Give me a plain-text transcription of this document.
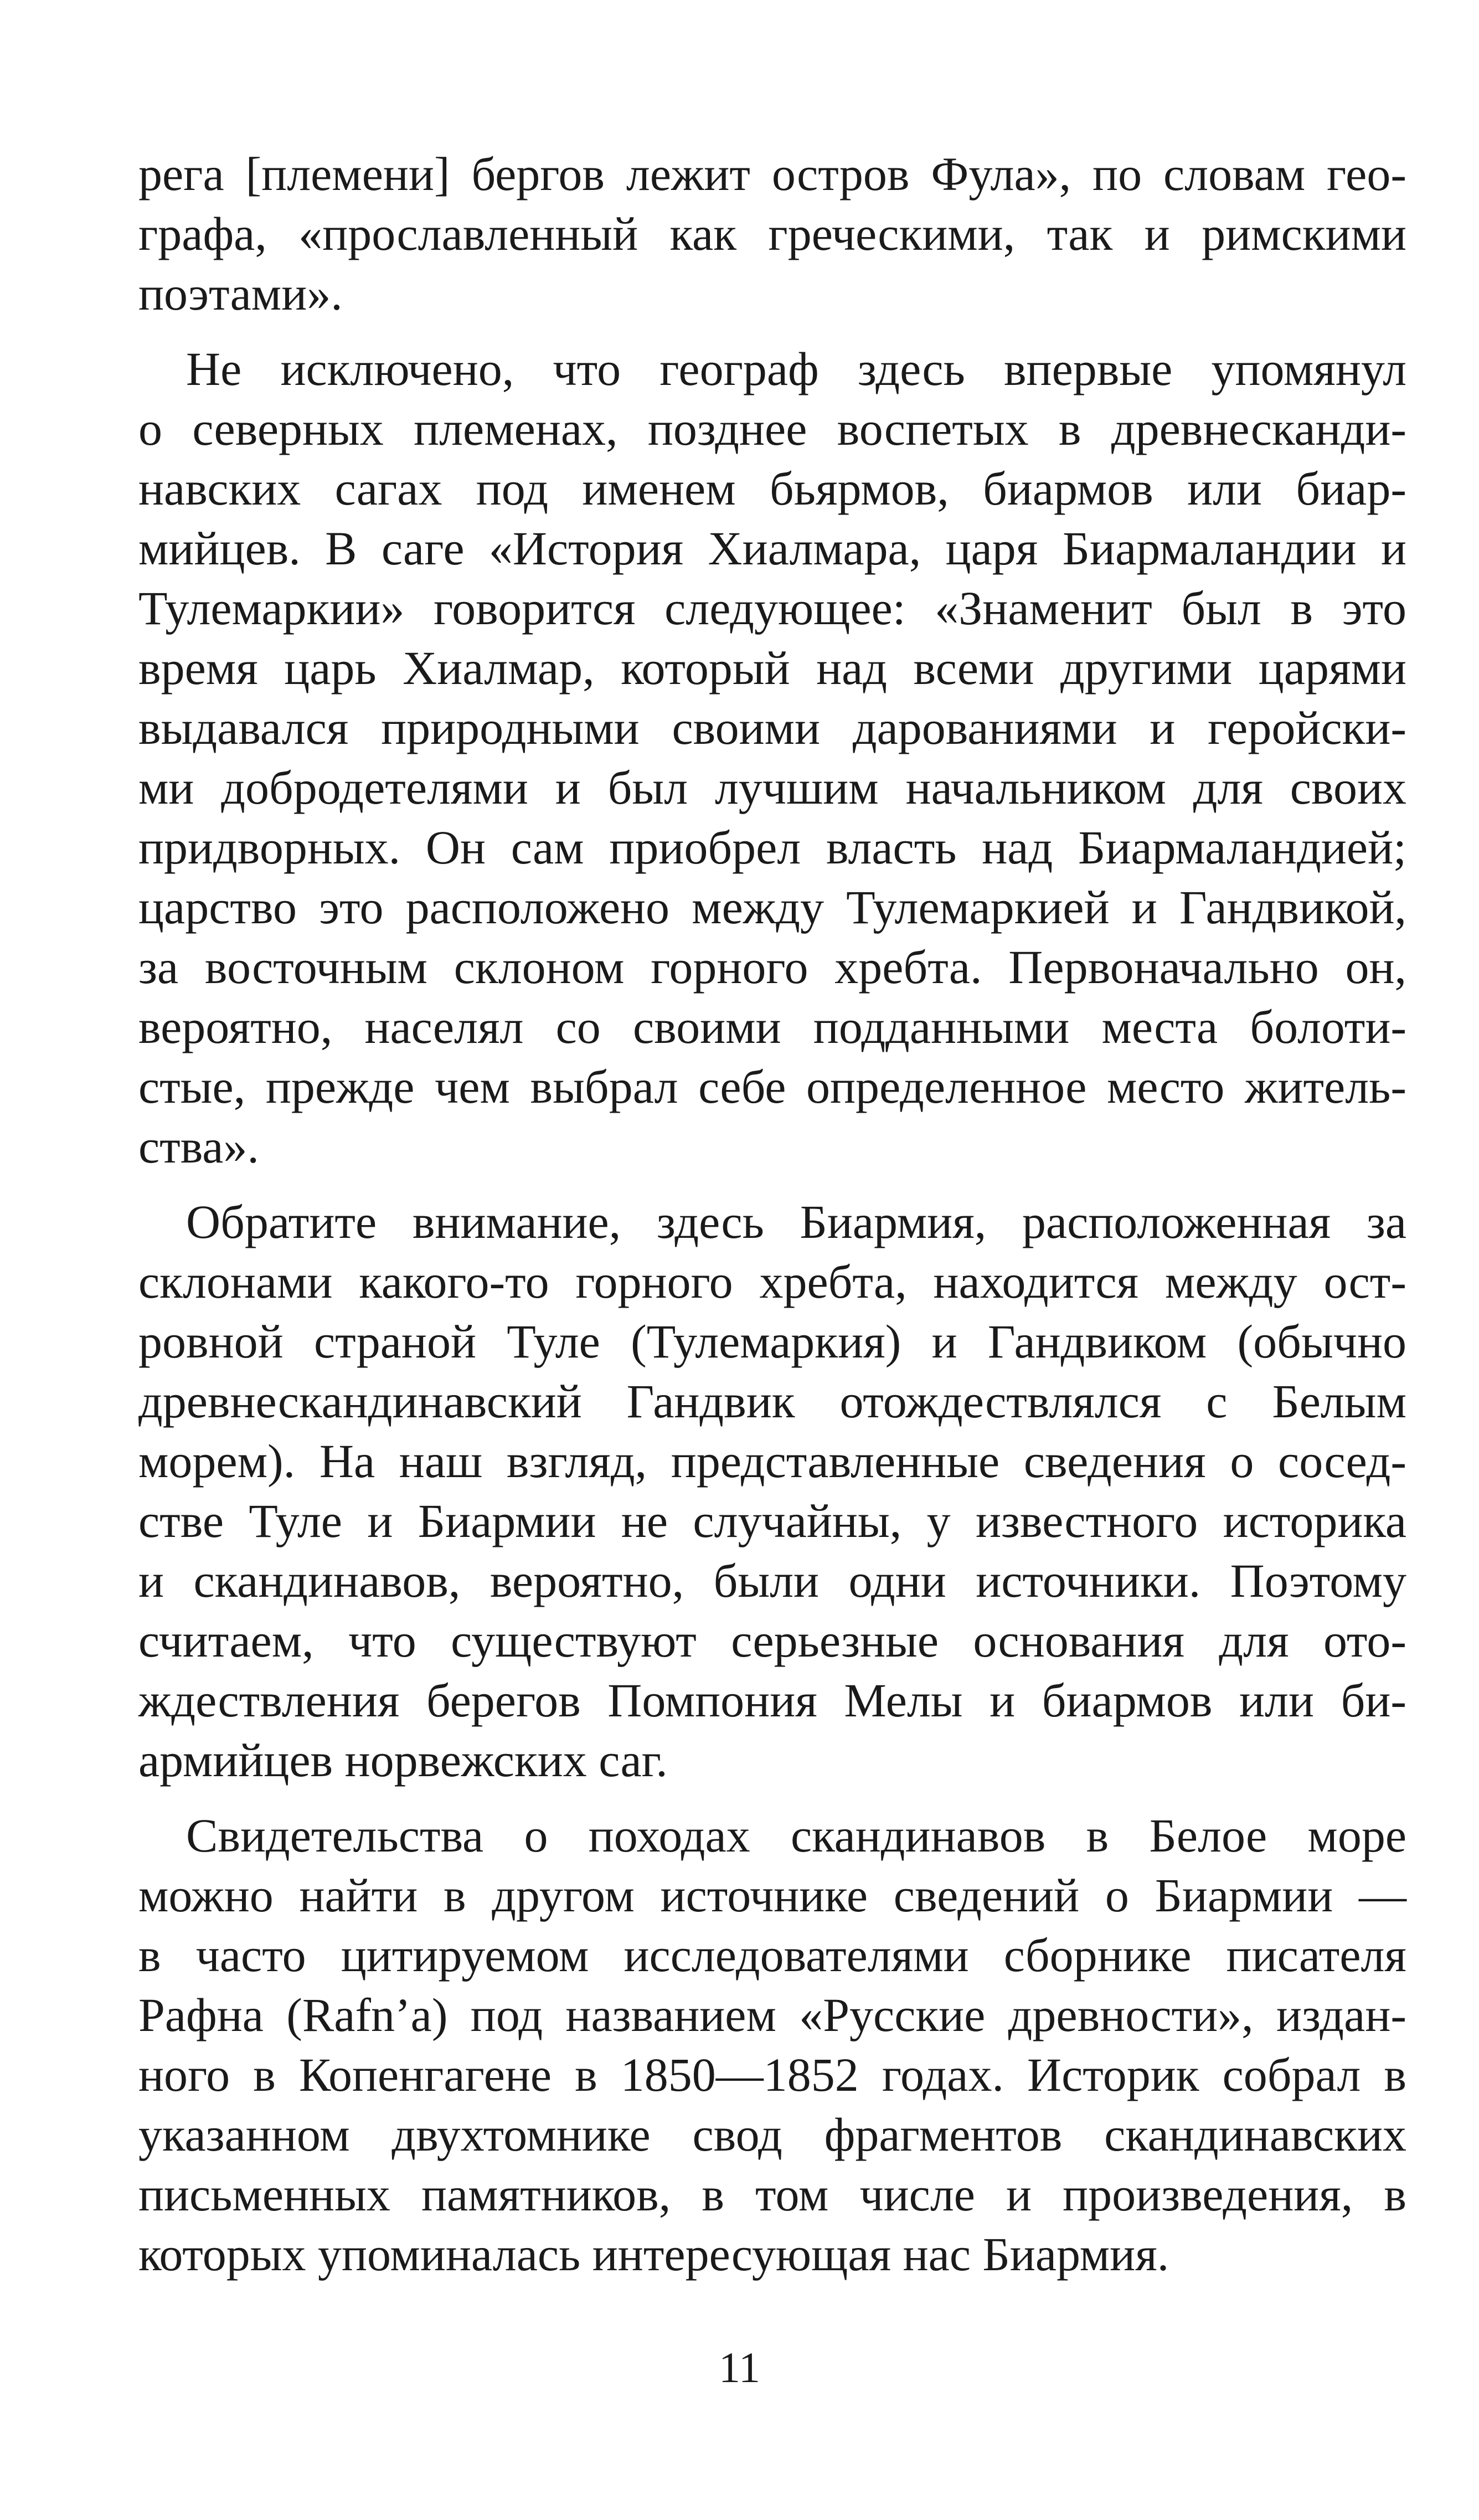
рега [племени] бергов лежит остров Фула», по словам гео-
графа, «прославленный как греческими, так и римскими
поэтами».
Не исключено, что географ здесь впервые упомянул
о северных племенах, позднее воспетых в древнесканди-
навских сагах под именем бьярмов, биармов или биар-
мийцев. В саге «История Хиалмара, царя Биармаландии и
Тулемаркии» говорится следующее: «Знаменит был в это
время царь Хиалмар, который над всеми другими царями
выдавался природными своими дарованиями и геройски-
ми добродетелями и был лучшим начальником для своих
придворных. Он сам приобрел власть над Биармаландией;
царство это расположено между Тулемаркией и Гандвикой,
за восточным склоном горного хребта. Первоначально он,
вероятно, населял со своими подданными места болоти-
стые, прежде чем выбрал себе определенное место житель-
ства».
Обратите внимание, здесь Биармия, расположенная за
склонами какого-то горного хребта, находится между ост-
ровной страной Туле (Тулемаркия) и Гандвиком (обычно
древнескандинавский Гандвик отождествлялся с Белым
морем). На наш взгляд, представленные сведения о сосед-
стве Туле и Биармии не случайны, у известного историка
и скандинавов, вероятно, были одни источники. Поэтому
считаем, что существуют серьезные основания для ото-
ждествления берегов Помпония Мелы и биармов или би-
армийцев норвежских саг.
Свидетельства о походах скандинавов в Белое море
можно найти в другом источнике сведений о Биармии —
в часто цитируемом исследователями сборнике писателя
Рафна (Rafn’a) под названием «Русские древности», издан-
ного в Копенгагене в 1850—1852 годах. Историк собрал в
указанном двухтомнике свод фрагментов скандинавских
письменных памятников, в том числе и произведения, в
которых упоминалась интересующая нас Биармия.
11
